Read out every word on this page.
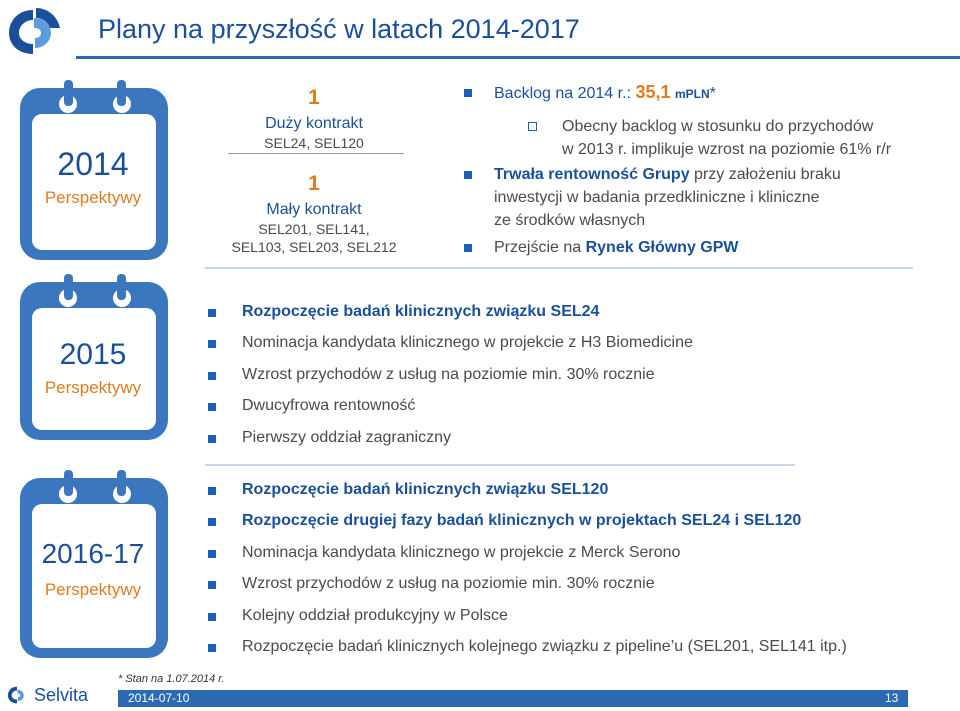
Plany na przyszłość w latach 2014-2017
2014
Perspektywy
1
Duży kontrakt
SEL24, SEL120
1
Mały kontrakt
SEL201, SEL141,
SEL103, SEL203, SEL212
Backlog na 2014 r.: 35,1 mPLN*
Obecny backlog w stosunku do przychodów
w 2013 r. implikuje wzrost na poziomie 61% r/r
Trwała rentowność Grupy przy założeniu braku
inwestycji w badania przedkliniczne i kliniczne
ze środków własnych
Przejście na Rynek Główny GPW
2015
Perspektywy
Rozpoczęcie badań klinicznych związku SEL24
Nominacja kandydata klinicznego w projekcie z H3 Biomedicine
Wzrost przychodów z usług na poziomie min. 30% rocznie
Dwucyfrowa rentowność
Pierwszy oddział zagraniczny
2016-17
Perspektywy
Rozpoczęcie badań klinicznych związku SEL120
Rozpoczęcie drugiej fazy badań klinicznych w projektach SEL24 i SEL120
Nominacja kandydata klinicznego w projekcie z Merck Serono
Wzrost przychodów z usług na poziomie min. 30% rocznie
Kolejny oddział produkcyjny w Polsce
Rozpoczęcie badań klinicznych kolejnego związku z pipeline’u (SEL201, SEL141 itp.)
* Stan na 1.07.2014 r.
Selvita	2014-07-10	13
